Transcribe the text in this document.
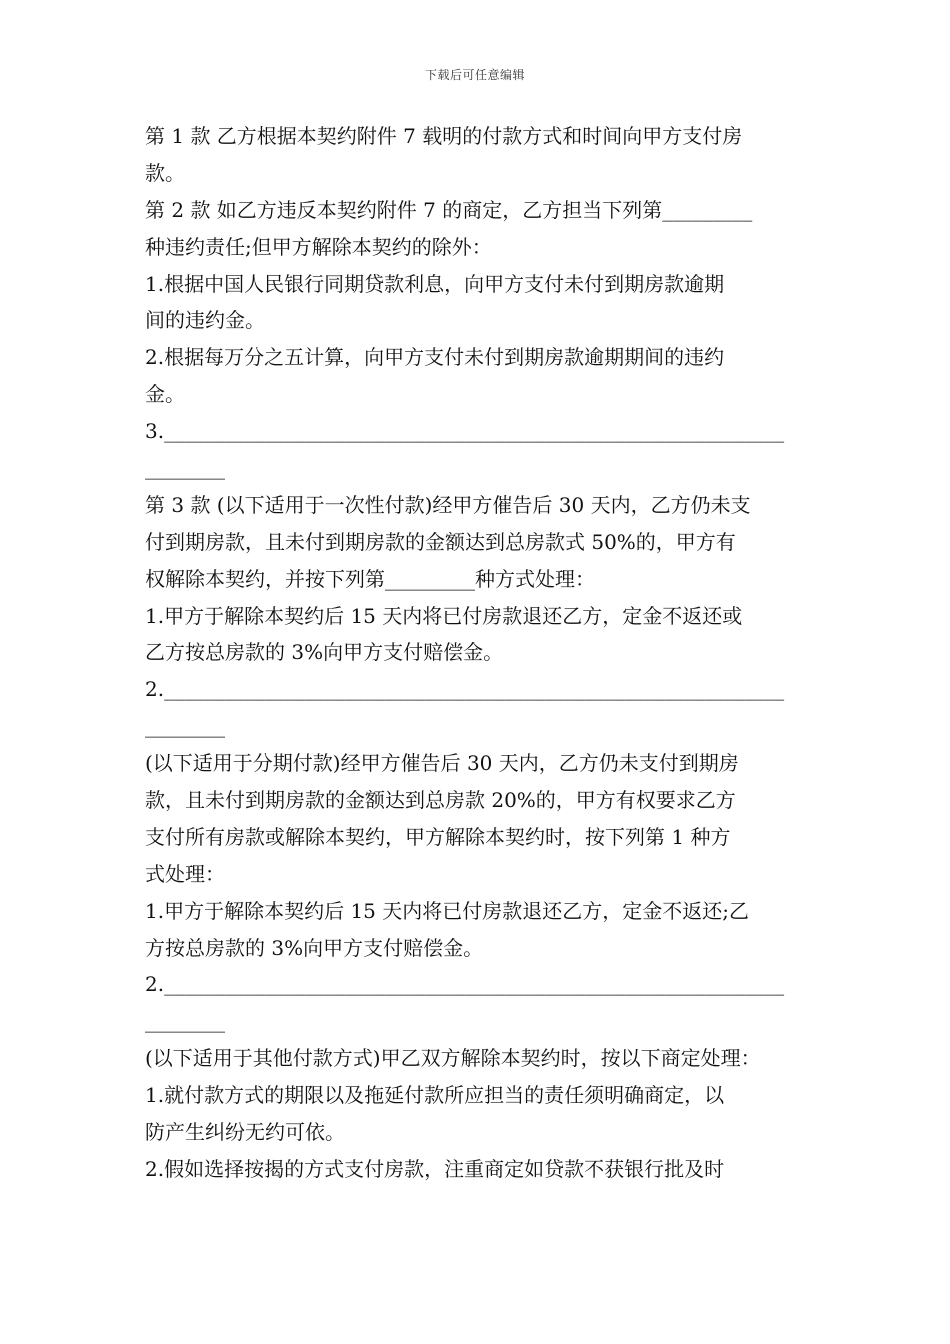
下载后可任意编辑
第 1 款 乙方根据本契约附件 7 载明的付款方式和时间向甲方支付房
款。
第 2 款 如乙方违反本契约附件 7 的商定，乙方担当下列第_________
种违约责任;但甲方解除本契约的除外：
1.根据中国人民银行同期贷款利息，向甲方支付未付到期房款逾期
间的违约金。
2.根据每万分之五计算，向甲方支付未付到期房款逾期期间的违约
金。
3.______________________________________________________________
________
第 3 款 (以下适用于一次性付款)经甲方催告后 30 天内，乙方仍未支
付到期房款，且未付到期房款的金额达到总房款式 50%的，甲方有
权解除本契约，并按下列第_________种方式处理：
1.甲方于解除本契约后 15 天内将已付房款退还乙方，定金不返还或
乙方按总房款的 3%向甲方支付赔偿金。
2.______________________________________________________________
________
(以下适用于分期付款)经甲方催告后 30 天内，乙方仍未支付到期房
款，且未付到期房款的金额达到总房款 20%的，甲方有权要求乙方
支付所有房款或解除本契约，甲方解除本契约时，按下列第 1 种方
式处理：
1.甲方于解除本契约后 15 天内将已付房款退还乙方，定金不返还;乙
方按总房款的 3%向甲方支付赔偿金。
2.______________________________________________________________
________
(以下适用于其他付款方式)甲乙双方解除本契约时，按以下商定处理：
1.就付款方式的期限以及拖延付款所应担当的责任须明确商定，以
防产生纠纷无约可依。
2.假如选择按揭的方式支付房款，注重商定如贷款不获银行批及时
